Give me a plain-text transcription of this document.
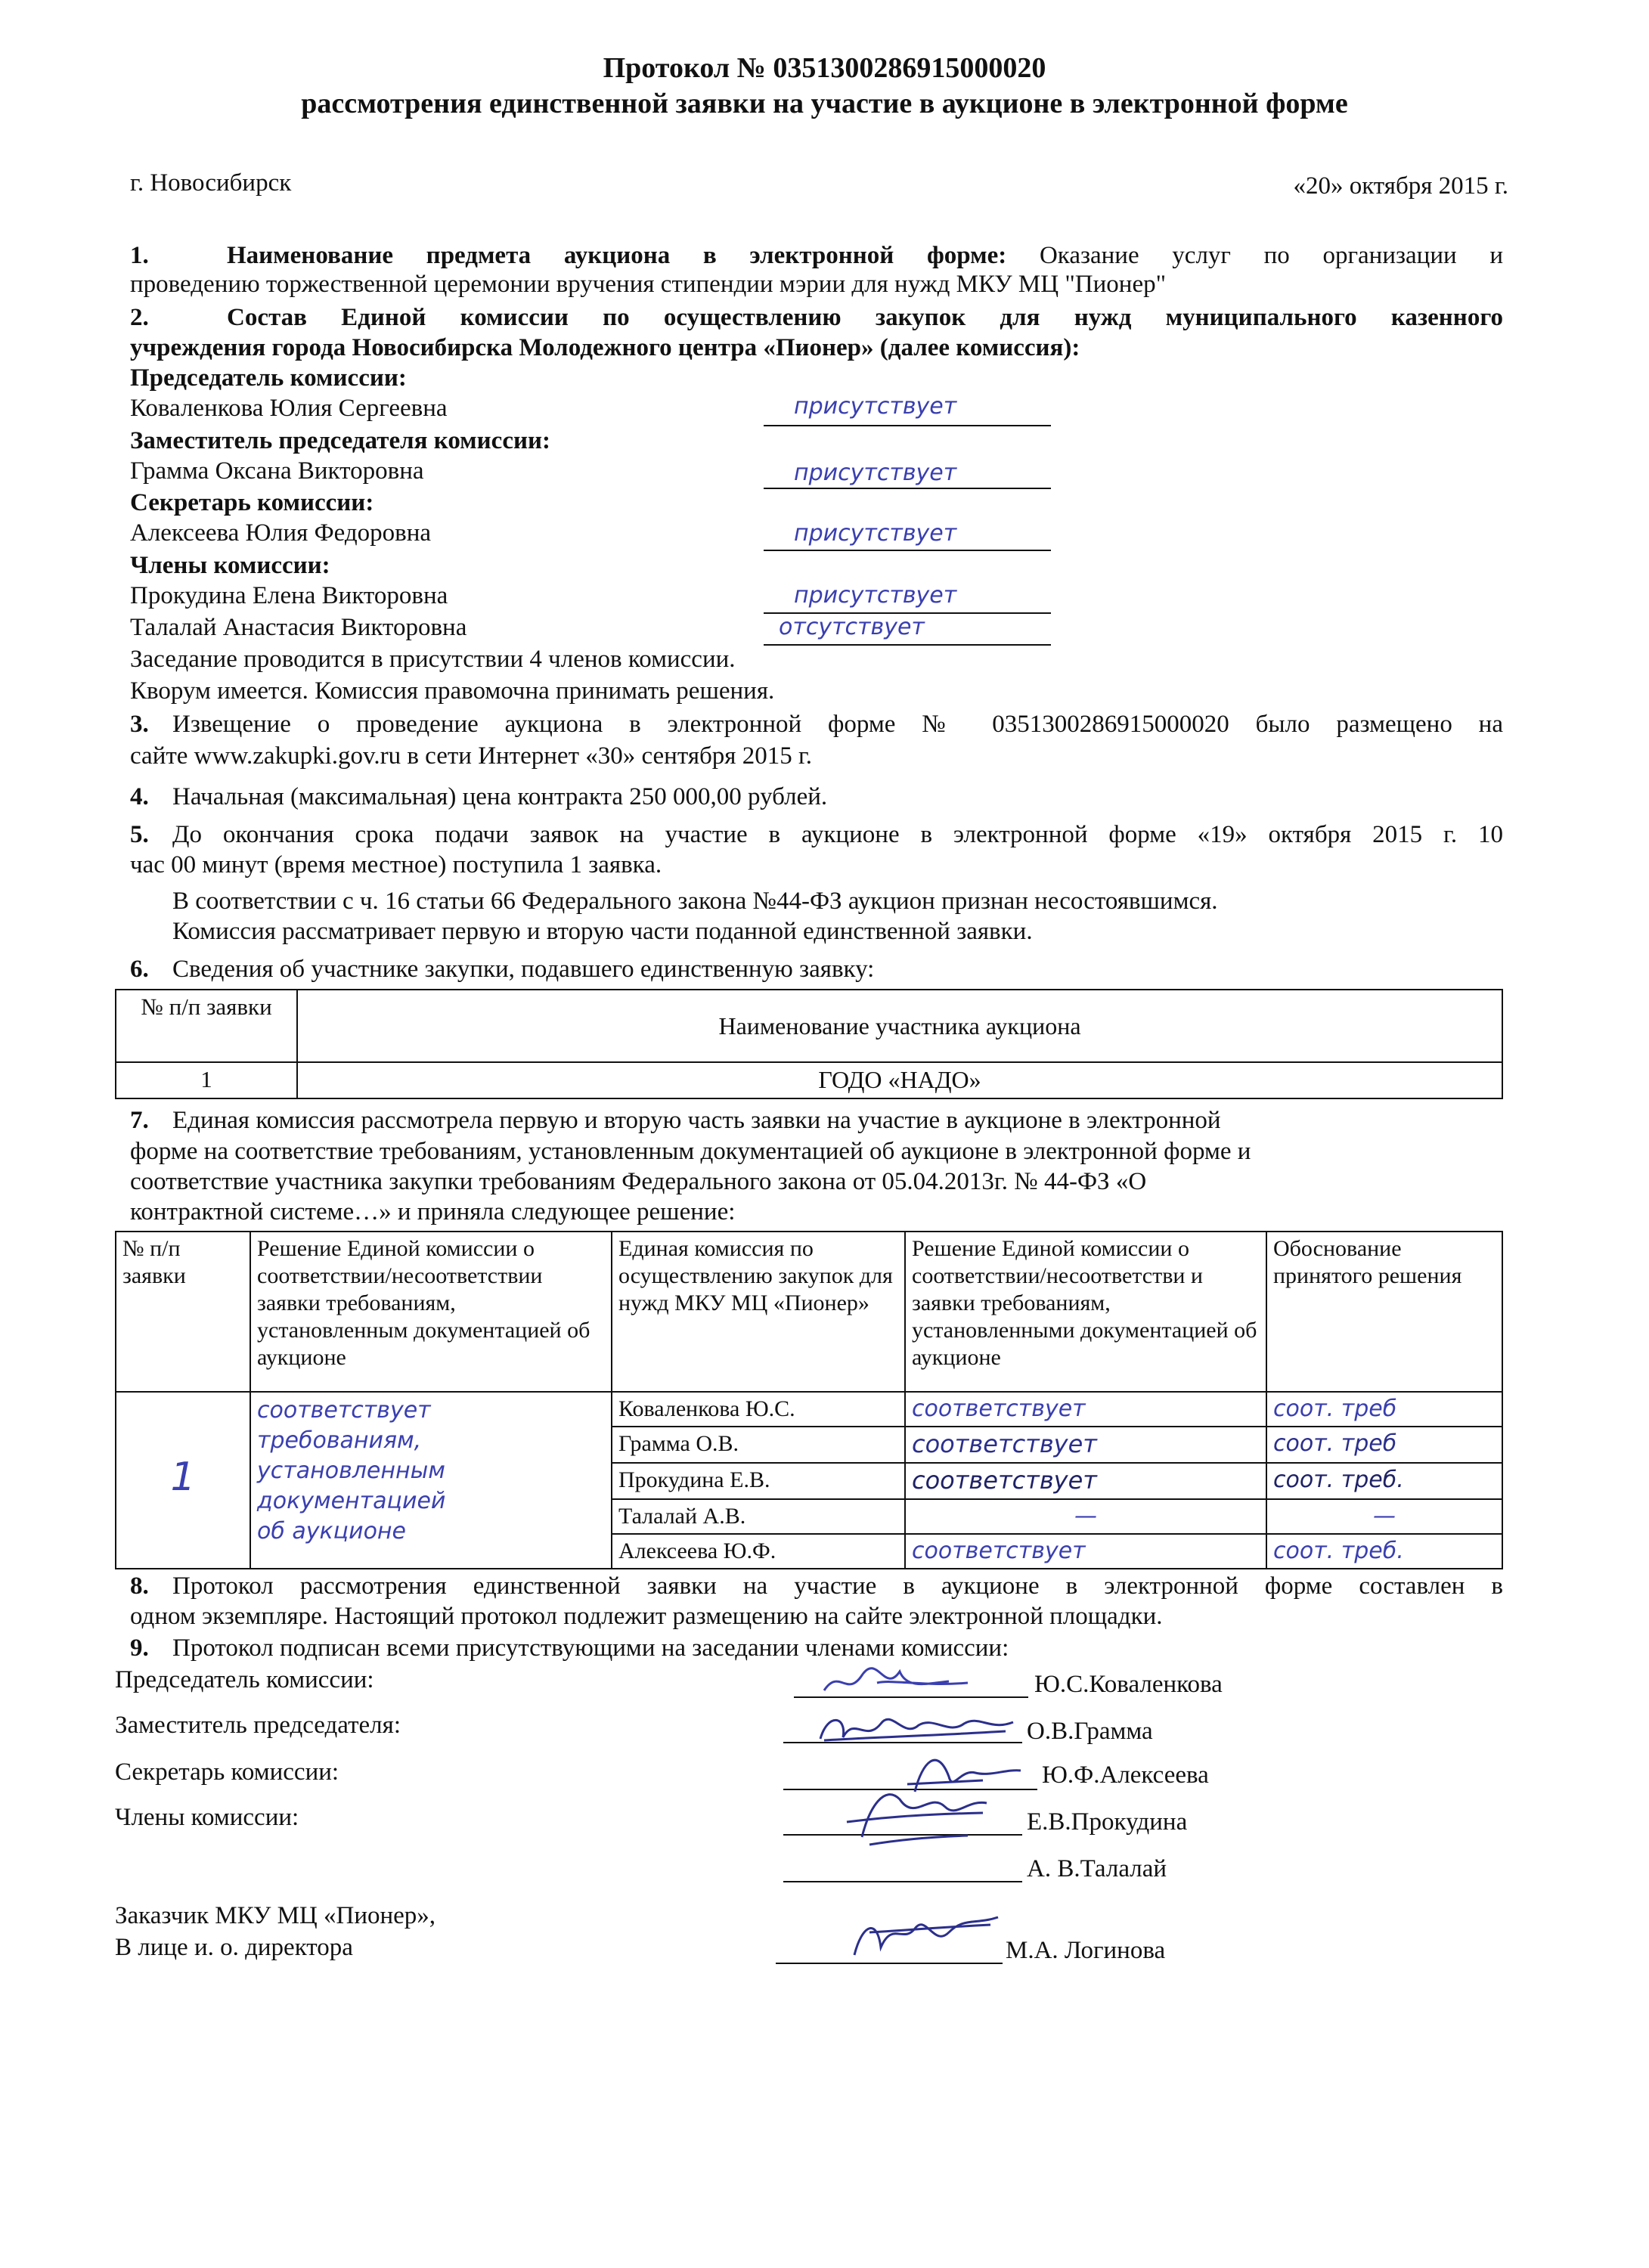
Протокол № 0351300286915000020
рассмотрения единственной заявки на участие в аукционе в электронной форме
г. Новосибирск	«20» октября 2015 г.
1.	Наименование предмета аукциона в электронной форме: Оказание услуг по организации и
проведению торжественной церемонии вручения стипендии мэрии для нужд МКУ МЦ "Пионер"
2.	Состав Единой комиссии по осуществлению закупок для нужд муниципального казенного
учреждения города Новосибирска Молодежного центра «Пионер» (далее комиссия):
Председатель комиссии:
Коваленкова Юлия Сергеевна	присутствует
Заместитель председателя комиссии:
Грамма Оксана Викторовна	присутствует
Секретарь комиссии:
Алексеева Юлия Федоровна	присутствует
Члены комиссии:
Прокудина Елена Викторовна	присутствует
Талалай Анастасия Викторовна	отсутствует
Заседание проводится в присутствии 4 членов комиссии.
Кворум имеется. Комиссия правомочна принимать решения.
3. Извещение о проведение аукциона в электронной форме № 0351300286915000020 было размещено на
сайте www.zakupki.gov.ru в сети Интернет «30» сентября 2015 г.
4. Начальная (максимальная) цена контракта 250 000,00 рублей.
5. До окончания срока подачи заявок на участие в аукционе в электронной форме «19» октября 2015 г. 10
час 00 минут (время местное) поступила 1 заявка.
В соответствии с ч. 16 статьи 66 Федерального закона №44-ФЗ аукцион признан несостоявшимся.
Комиссия рассматривает первую и вторую части поданной единственной заявки.
6. Сведения об участнике закупки, подавшего единственную заявку:
№ п/п заявки	Наименование участника аукциона
1	ГОДО «НАДО»
7. Единая комиссия рассмотрела первую и вторую часть заявки на участие в аукционе в электронной
форме на соответствие требованиям, установленным документацией об аукционе в электронной форме и
соответствие участника закупки требованиям Федерального закона от 05.04.2013г. № 44-ФЗ «О
контрактной системе…» и приняла следующее решение:
№ п/п заявки	Решение Единой комиссии о соответствии/несоответствии заявки требованиям, установленным документацией об аукционе	Единая комиссия по осуществлению закупок для нужд МКУ МЦ «Пионер»	Решение Единой комиссии о соответствии/несоответстви и заявки требованиям, установленными документацией об аукционе	Обоснование принятого решения
1	соответствует
требованиям,
установленным
документацией
об аукционе	Коваленкова Ю.С.	соответствует	соот. треб
		Грамма О.В.	соответствует	соот. треб
		Прокудина Е.В.	соответствует	соот. треб.
		Талалай А.В.	—	—
		Алексеева Ю.Ф.	соответствует	соот. треб.
8. Протокол рассмотрения единственной заявки на участие в аукционе в электронной форме составлен в
одном экземпляре. Настоящий протокол подлежит размещению на сайте электронной площадки.
9. Протокол подписан всеми присутствующими на заседании членами комиссии:
Председатель комиссии:	Ю.С.Коваленкова
Заместитель председателя:	О.В.Грамма
Секретарь комиссии:	Ю.Ф.Алексеева
Члены комиссии:	Е.В.Прокудина
А. В.Талалай
Заказчик МКУ МЦ «Пионер»,
В лице и. о. директора	М.А. Логинова
